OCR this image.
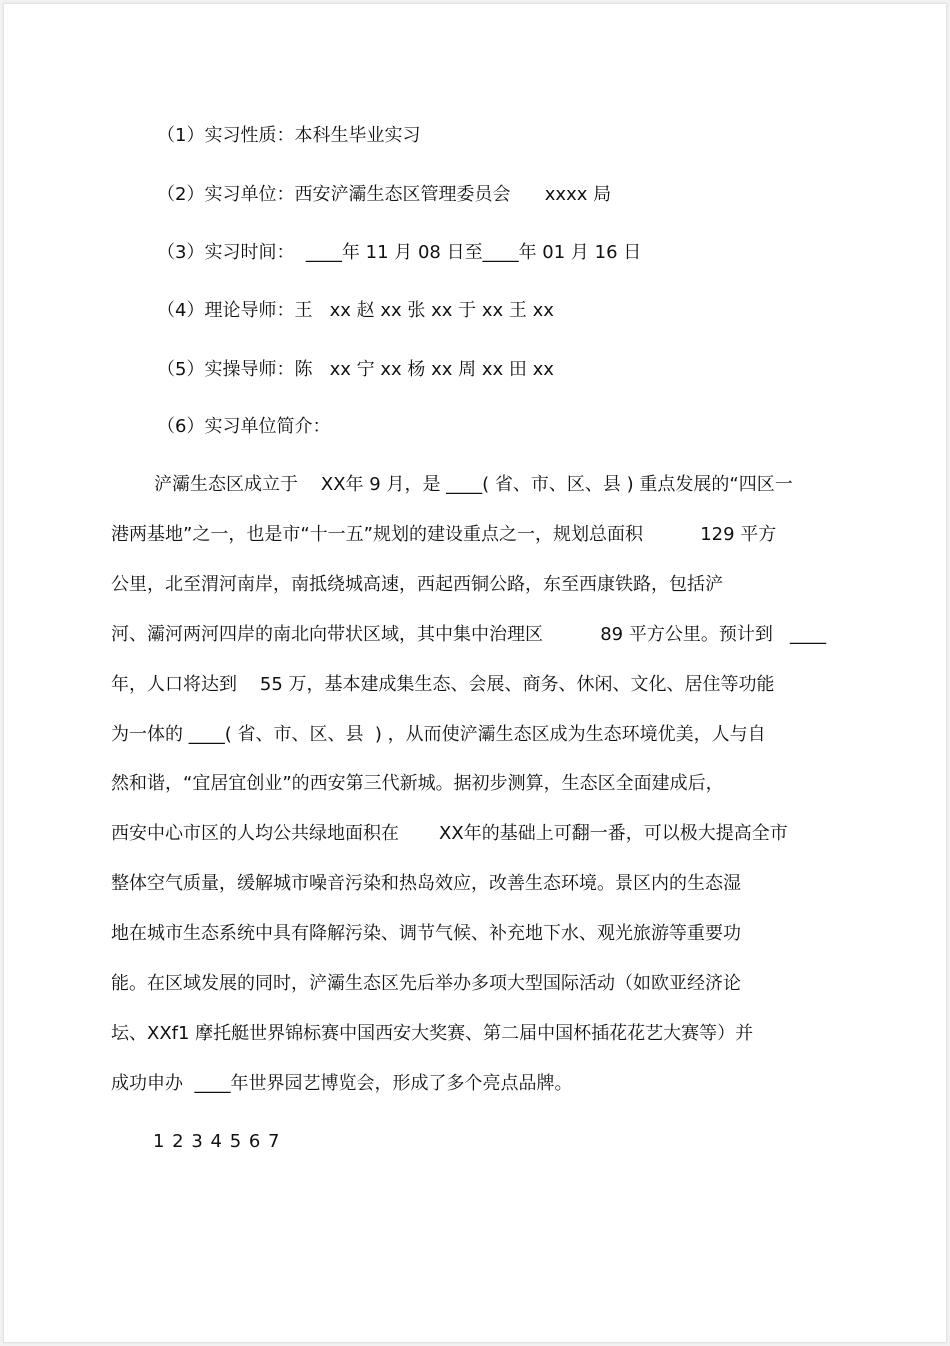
（1）实习性质：本科生毕业实习
（2）实习单位：西安浐灞生态区管理委员会      xxxx 局
（3）实习时间：  ____年 11 月 08 日至____年 01 月 16 日
（4）理论导师：王   xx 赵 xx 张 xx 于 xx 王 xx
（5）实操导师：陈   xx 宁 xx 杨 xx 周 xx 田 xx
（6）实习单位简介：
浐灞生态区成立于    XX年 9 月，是 ____( 省、市、区、县 ) 重点发展的“四区一
港两基地”之一，也是市“十一五”规划的建设重点之一，规划总面积          129 平方
公里，北至渭河南岸，南抵绕城高速，西起西铜公路，东至西康铁路，包括浐
河、灞河两河四岸的南北向带状区域，其中集中治理区          89 平方公里。预计到   ____
年，人口将达到    55 万，基本建成集生态、会展、商务、休闲、文化、居住等功能
为一体的 ____( 省、市、区、县  ) ，从而使浐灞生态区成为生态环境优美，人与自
然和谐，“宜居宜创业”的西安第三代新城。据初步测算，生态区全面建成后，
西安中心市区的人均公共绿地面积在       XX年的基础上可翻一番，可以极大提高全市
整体空气质量，缓解城市噪音污染和热岛效应，改善生态环境。景区内的生态湿
地在城市生态系统中具有降解污染、调节气候、补充地下水、观光旅游等重要功
能。在区域发展的同时，浐灞生态区先后举办多项大型国际活动（如欧亚经济论
坛、XXf1 摩托艇世界锦标赛中国西安大奖赛、第二届中国杯插花花艺大赛等）并
成功申办  ____年世界园艺博览会，形成了多个亮点品牌。
1 2 3 4 5 6 7
